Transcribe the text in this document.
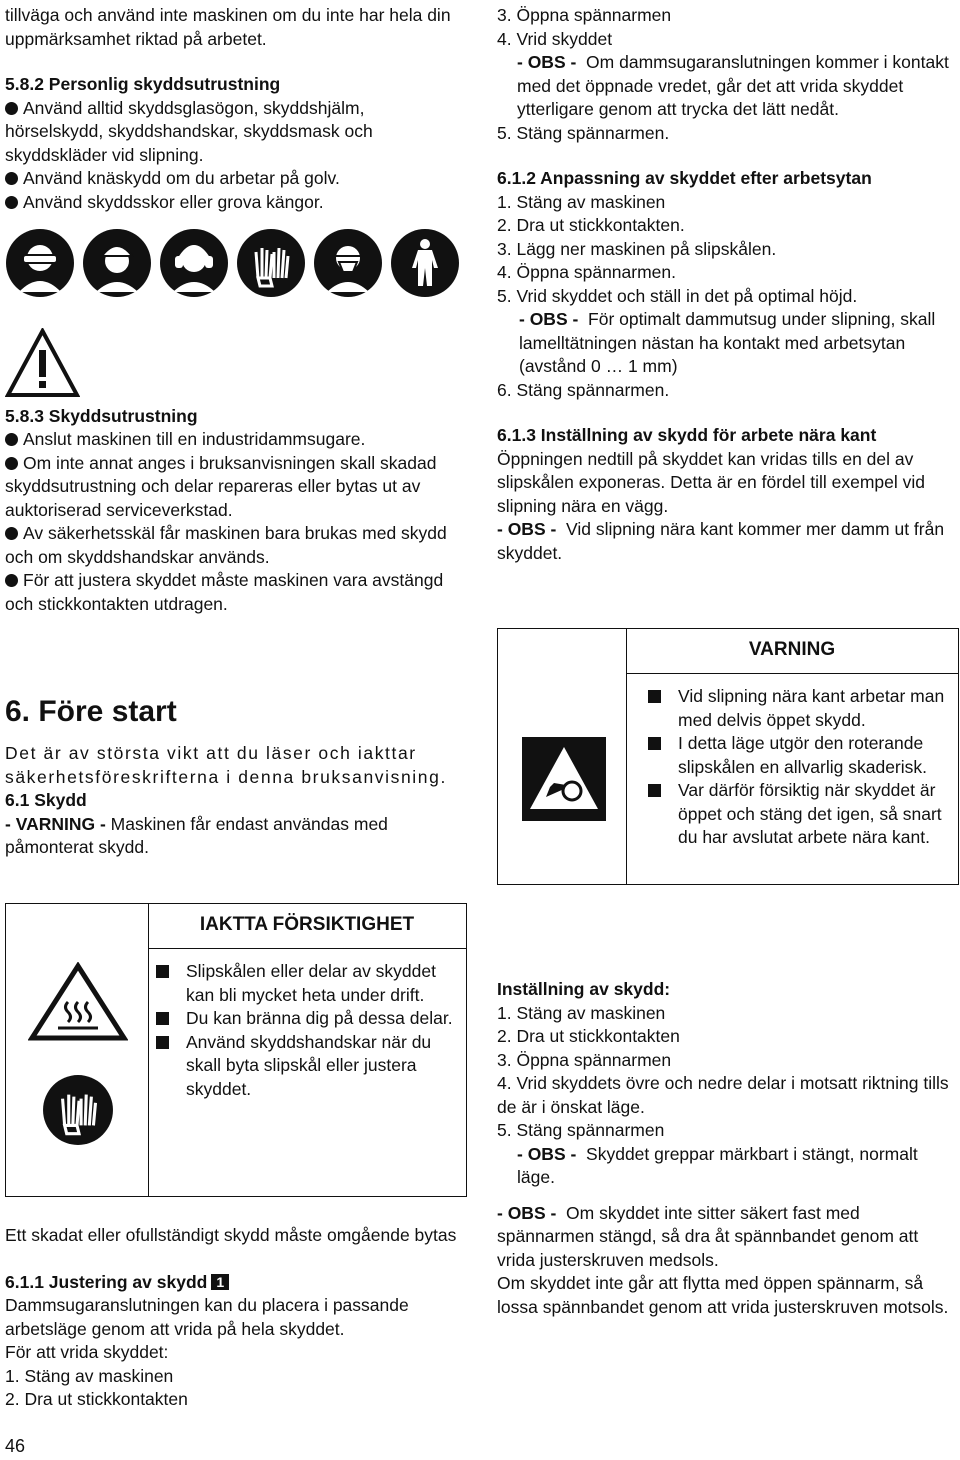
tillväga och använd inte maskinen om du inte har hela din uppmärksamhet riktad på arbetet.

5.8.2 Personlig skyddsutrustning

Använd alltid skyddsglasögon, skyddshjälm, hörselskydd, skyddshandskar, skyddsmask och skyddskläder vid slipning.

Använd knäskydd om du arbetar på golv.

Använd skyddsskor eller grova kängor.

5.8.3 Skyddsutrustning

Anslut maskinen till en industridammsugare.

Om inte annat anges i bruksanvisningen skall skadad skyddsutrustning och delar repareras eller bytas ut av auktoriserad serviceverkstad.

Av säkerhetsskäl får maskinen bara brukas med skydd och om skyddshandskar används.

För att justera skyddet måste maskinen vara avstängd och stickkontakten utdragen.

6. Före start

Det är av största vikt att du läser och iakttar säkerhetsföreskrifterna i denna bruksanvisning.

6.1 Skydd

- VARNING - Maskinen får endast användas med påmonterat skydd.

IAKTTA FÖRSIKTIGHET

Slipskålen eller delar av skyddet kan bli mycket heta under drift.

Du kan bränna dig på dessa delar.

Använd skyddshandskar när du skall byta slipskål eller justera skyddet.

Ett skadat eller ofullständigt skydd måste omgående bytas

6.1.1 Justering av skydd 1

Dammsugaranslutningen kan du placera i passande arbetsläge genom att vrida på hela skyddet.

För att vrida skyddet:

1. Stäng av maskinen

2. Dra ut stickkontakten

3. Öppna spännarmen

4. Vrid skyddet

- OBS - Om dammsugaranslutningen kommer i kontakt med det öppnade vredet, går det att vrida skyddet ytterligare genom att trycka det lätt nedåt.

5. Stäng spännarmen.

6.1.2 Anpassning av skyddet efter arbetsytan

1. Stäng av maskinen

2. Dra ut stickkontakten.

3. Lägg ner maskinen på slipskålen.

4. Öppna spännarmen.

5. Vrid skyddet och ställ in det på optimal höjd.

- OBS - För optimalt dammutsug under slipning, skall lamelltätningen nästan ha kontakt med arbetsytan (avstånd 0 … 1 mm)

6. Stäng spännarmen.

6.1.3 Inställning av skydd för arbete nära kant

Öppningen nedtill på skyddet kan vridas tills en del av slipskålen exponeras. Detta är en fördel till exempel vid slipning nära en vägg.

- OBS - Vid slipning nära kant kommer mer damm ut från skyddet.

VARNING

Vid slipning nära kant arbetar man med delvis öppet skydd.

I detta läge utgör den roterande slipskålen en allvarlig skaderisk.

Var därför försiktig när skyddet är öppet och stäng det igen, så snart du har avslutat arbete nära kant.

Inställning av skydd:

1. Stäng av maskinen

2. Dra ut stickkontakten

3. Öppna spännarmen

4. Vrid skyddets övre och nedre delar i motsatt riktning tills de är i önskat läge.

5. Stäng spännarmen

- OBS - Skyddet greppar märkbart i stängt, normalt läge.

- OBS - Om skyddet inte sitter säkert fast med spännarmen stängd, så dra åt spännbandet genom att vrida justerskruven medsols.

Om skyddet inte går att flytta med öppen spännarm, så lossa spännbandet genom att vrida justerskruven motsols.

46
